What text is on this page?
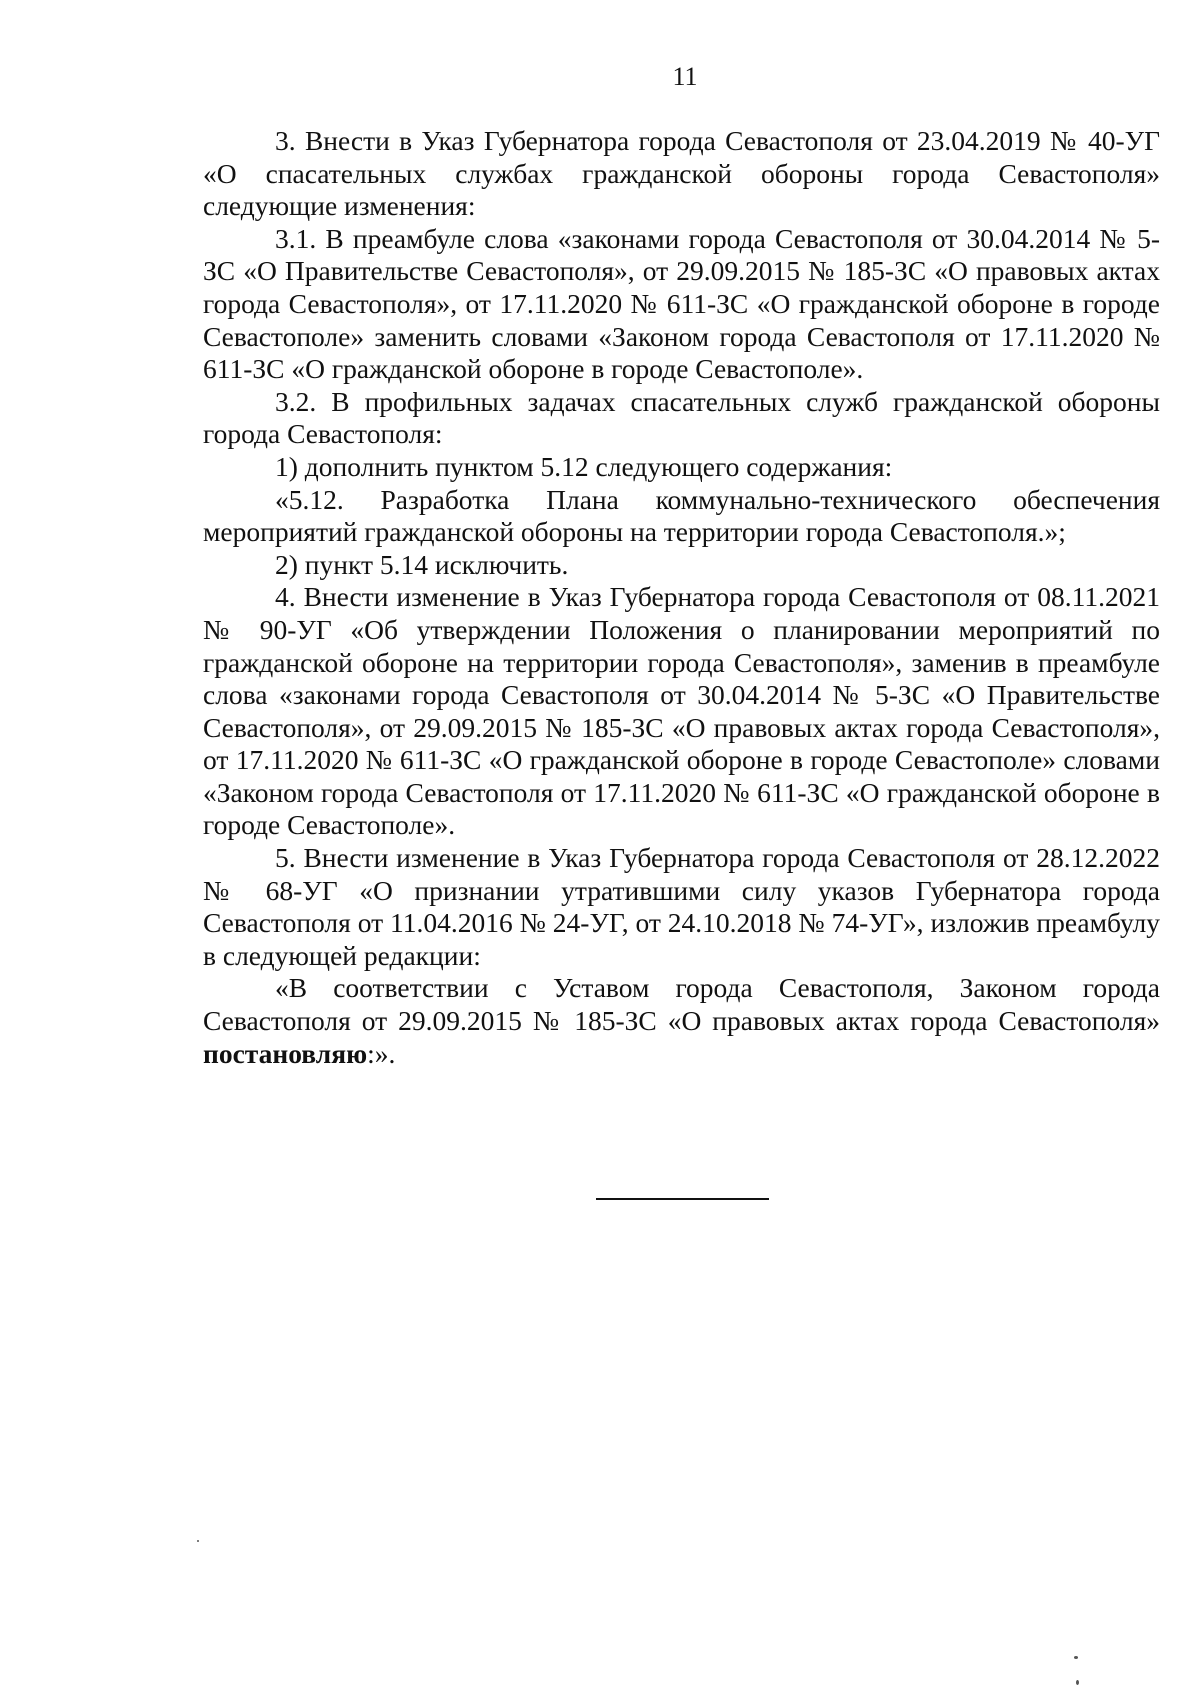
11

3. Внести в Указ Губернатора города Севастополя от 23.04.2019 № 40-УГ «О спасательных службах гражданской обороны города Севастополя» следующие изменения:

3.1. В преамбуле слова «законами города Севастополя от 30.04.2014 № 5-ЗС «О Правительстве Севастополя», от 29.09.2015 № 185-ЗС «О правовых актах города Севастополя», от 17.11.2020 № 611-ЗС «О гражданской обороне в городе Севастополе» заменить словами «Законом города Севастополя от 17.11.2020 № 611-ЗС «О гражданской обороне в городе Севастополе».

3.2. В профильных задачах спасательных служб гражданской обороны города Севастополя:

1) дополнить пунктом 5.12 следующего содержания:

«5.12. Разработка Плана коммунально-технического обеспечения мероприятий гражданской обороны на территории города Севастополя.»;

2) пункт 5.14 исключить.

4. Внести изменение в Указ Губернатора города Севастополя от 08.11.2021 № 90-УГ «Об утверждении Положения о планировании мероприятий по гражданской обороне на территории города Севастополя», заменив в преамбуле слова «законами города Севастополя от 30.04.2014 № 5-ЗС «О Правительстве Севастополя», от 29.09.2015 № 185-ЗС «О правовых актах города Севастополя», от 17.11.2020 № 611-ЗС «О гражданской обороне в городе Севастополе» словами «Законом города Севастополя от 17.11.2020 № 611-ЗС «О гражданской обороне в городе Севастополе».

5. Внести изменение в Указ Губернатора города Севастополя от 28.12.2022 № 68-УГ «О признании утратившими силу указов Губернатора города Севастополя от 11.04.2016 № 24-УГ, от 24.10.2018 № 74-УГ», изложив преамбулу в следующей редакции:

«В соответствии с Уставом города Севастополя, Законом города Севастополя от 29.09.2015 № 185-ЗС «О правовых актах города Севастополя» постановляю:».
